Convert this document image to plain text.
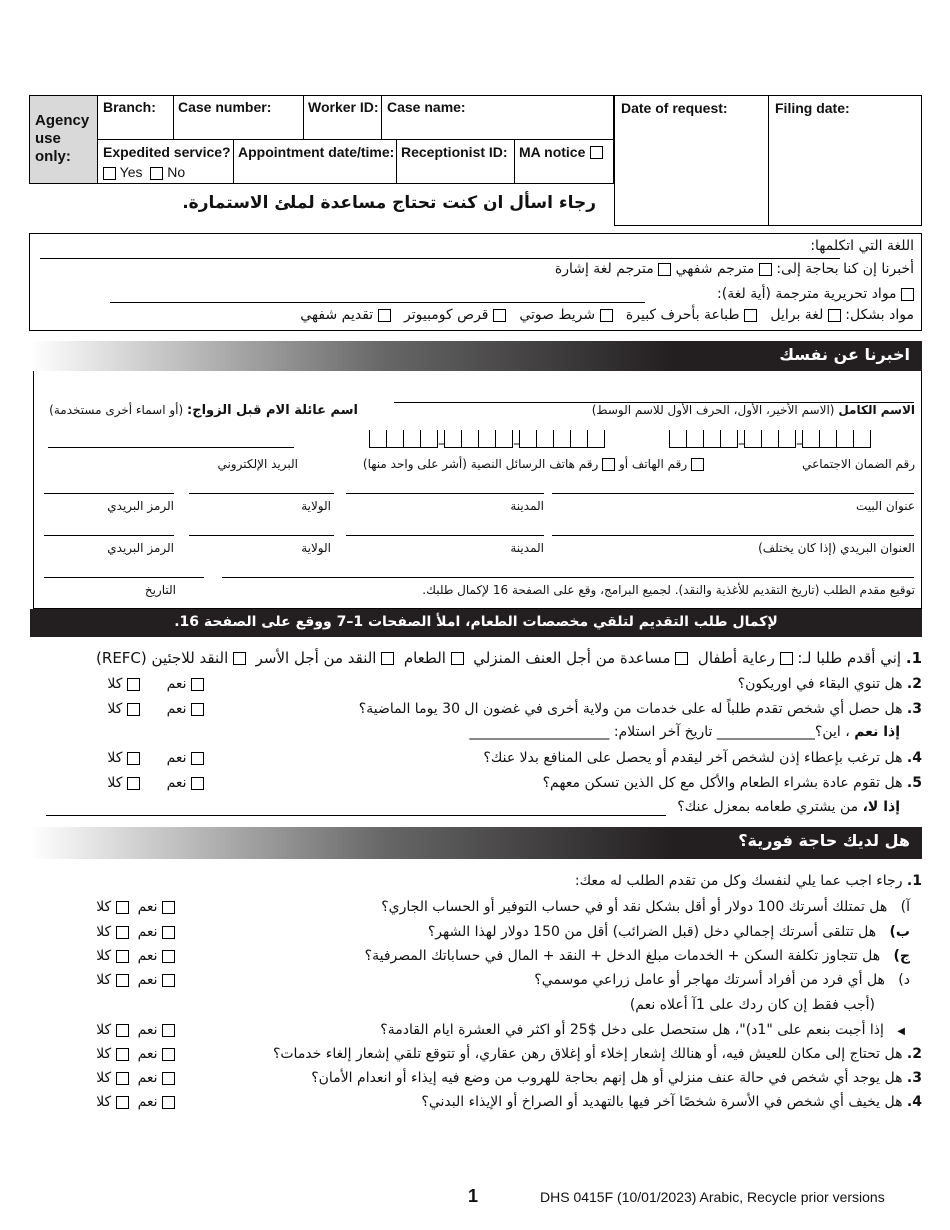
Agency use only:
Branch: Case number:	Worker ID: Case name:
Expedited service?
Yes No
Appointment date/time: Receptionist ID: MA notice
Date of request:	Filing date:
رجاء اسأل ان كنت تحتاج مساعدة لملئ الاستمارة.
اللغة التي اتكلمها:
أخبرنا إن كنا بحاجة إلى:  مترجم شفهي  مترجم لغة إشارة
مواد تحريرية مترجمة (أية لغة):
مواد بشكل:  لغة برايل    طباعة بأحرف كبيرة    شريط صوتي    قرص كومبيوتر    تقديم شفهي
اخبرنا عن نفسك
الاسم الكامل (الاسم الأخير، الأول، الحرف الأول للاسم الوسط)
اسم عائلة الام قبل الزواج: (أو اسماء أخرى مستخدمة)
–	–	–	–
رقم الضمان الاجتماعي
رقم الهاتف أو  رقم هاتف الرسائل النصية (أشر على واحد منها)
البريد الإلكتروني
عنوان البيت
المدينة
الولاية
الرمز البريدي
العنوان البريدي (إذا كان يختلف)
المدينة
الولاية
الرمز البريدي
توقيع مقدم الطلب (تاريخ التقديم للأغذية والنقد). لجميع البرامج، وقع على الصفحة 16 لإكمال طلبك.
التاريخ
لإكمال طلب التقديم لتلقي مخصصات الطعام، املأ الصفحات 1–7 ووقع على الصفحة 16.
1. إني أقدم طلبا لـ:  رعاية أطفال   مساعدة من أجل العنف المنزلي   الطعام   النقد من أجل الأسر   النقد للاجئين (REFC)
2. هل تنوي البقاء في اوريكون؟
نعم       كلا
3. هل حصل أي شخص تقدم طلباً له على خدمات من ولاية أخرى في غضون ال 30 يوما الماضية؟
نعم       كلا
إذا نعم ، اين؟______________ تاريخ آخر استلام: ____________________
4. هل ترغب بإعطاء إذن لشخص آخر ليقدم أو يحصل على المنافع بدلا عنك؟
نعم       كلا
5. هل تقوم عادة بشراء الطعام والأكل مع كل الذين تسكن معهم؟
نعم       كلا
إذا لا، من يشتري طعامه بمعزل عنك؟
هل لديك حاجة فورية؟
1. رجاء اجب عما يلي لنفسك وكل من تقدم الطلب له معك:
آ)   هل تمتلك أسرتك 100 دولار أو أقل بشكل نقد أو في حساب التوفير أو الحساب الجاري؟
نعم   كلا
ب)   هل تتلقى أسرتك إجمالي دخل (قبل الضرائب) أقل من 150 دولار لهذا الشهر؟
نعم   كلا
ج)   هل تتجاوز تكلفة السكن + الخدمات مبلغ الدخل + النقد + المال في حساباتك المصرفية؟
نعم   كلا
د)   هل أي فرد من أفراد أسرتك مهاجر أو عامل زراعي موسمي؟
نعم   كلا
(أجب فقط إن كان ردك على 1آ أعلاه نعم)
◀   إذا أجبت بنعم على "1د)"، هل ستحصل على دخل $25 أو اكثر في العشرة ايام القادمة؟
نعم   كلا
2. هل تحتاج إلى مكان للعيش فيه، أو هنالك إشعار إخلاء أو إغلاق رهن عقاري، أو تتوقع تلقي إشعار إلغاء خدمات؟
نعم   كلا
3. هل يوجد أي شخص في حالة عنف منزلي أو هل إنهم بحاجة للهروب من وضع فيه إيذاء أو انعدام الأمان؟
نعم   كلا
4. هل يخيف أي شخص في الأسرة شخصًا آخر فيها بالتهديد أو الصراخ أو الإيذاء البدني؟
نعم   كلا
1	DHS 0415F (10/01/2023) Arabic, Recycle prior versions
